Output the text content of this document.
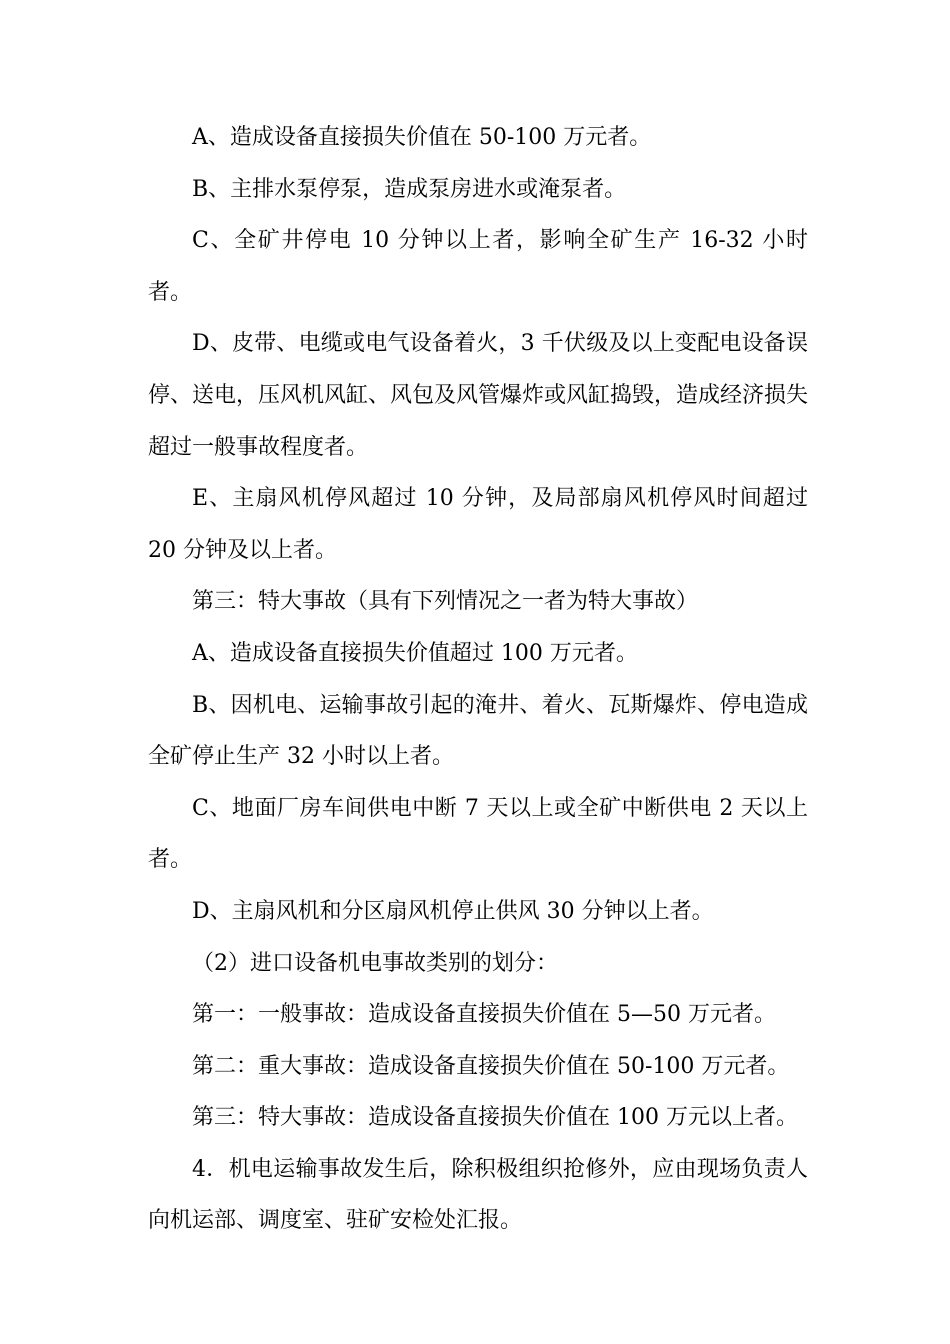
A、造成设备直接损失价值在 50-100 万元者。

B、主排水泵停泵，造成泵房进水或淹泵者。

C、全矿井停电 10 分钟以上者，影响全矿生产 16-32 小时者。

D、皮带、电缆或电气设备着火，3 千伏级及以上变配电设备误停、送电，压风机风缸、风包及风管爆炸或风缸捣毁，造成经济损失超过一般事故程度者。

E、主扇风机停风超过 10 分钟，及局部扇风机停风时间超过 20 分钟及以上者。

第三：特大事故（具有下列情况之一者为特大事故）

A、造成设备直接损失价值超过 100 万元者。

B、因机电、运输事故引起的淹井、着火、瓦斯爆炸、停电造成全矿停止生产 32 小时以上者。

C、地面厂房车间供电中断 7 天以上或全矿中断供电 2 天以上者。

D、主扇风机和分区扇风机停止供风 30 分钟以上者。

（2）进口设备机电事故类别的划分：

第一：一般事故：造成设备直接损失价值在 5—50 万元者。

第二：重大事故：造成设备直接损失价值在 50-100 万元者。

第三：特大事故：造成设备直接损失价值在 100 万元以上者。

4．机电运输事故发生后，除积极组织抢修外，应由现场负责人向机运部、调度室、驻矿安检处汇报。
